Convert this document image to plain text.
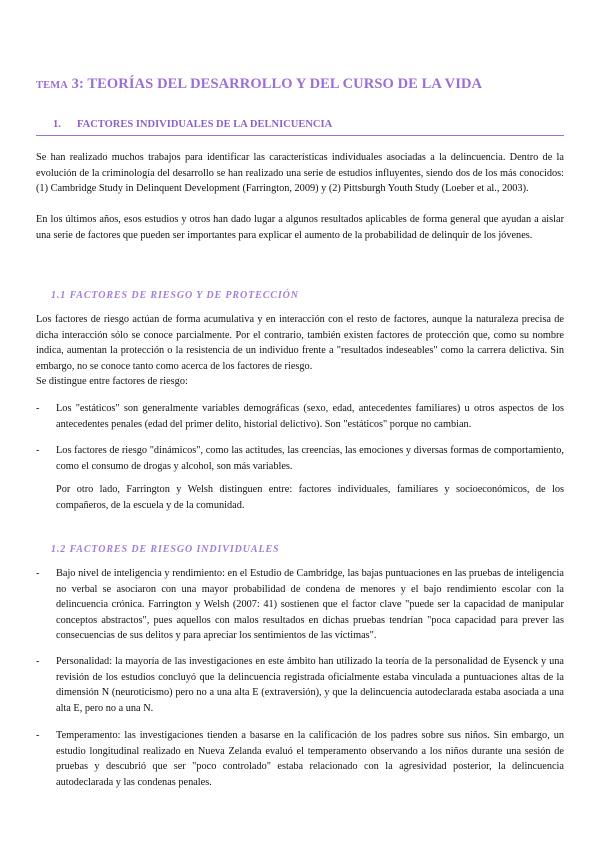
TEMA 3: TEORÍAS DEL DESARROLLO Y DEL CURSO DE LA VIDA
1. FACTORES INDIVIDUALES DE LA DELNICUENCIA

Se han realizado muchos trabajos para identificar las características individuales asociadas a la delincuencia. Dentro de la evolución de la criminología del desarrollo se han realizado una serie de estudios influyentes, siendo dos de los más conocidos: (1) Cambridge Study in Delinquent Development (Farrington, 2009) y (2) Pittsburgh Youth Study (Loeber et al., 2003).

En los últimos años, esos estudios y otros han dado lugar a algunos resultados aplicables de forma general que ayudan a aislar una serie de factores que pueden ser importantes para explicar el aumento de la probabilidad de delinquir de los jóvenes.

1.1 FACTORES DE RIESGO Y DE PROTECCIÓN

Los factores de riesgo actúan de forma acumulativa y en interacción con el resto de factores, aunque la naturaleza precisa de dicha interacción sólo se conoce parcialmente. Por el contrario, también existen factores de protección que, como su nombre indica, aumentan la protección o la resistencia de un individuo frente a "resultados indeseables" como la carrera delictiva. Sin embargo, no se conoce tanto como acerca de los factores de riesgo.

Se distingue entre factores de riesgo:

- Los "estáticos" son generalmente variables demográficas (sexo, edad, antecedentes familiares) u otros aspectos de los antecedentes penales (edad del primer delito, historial delictivo). Son "estáticos" porque no cambian.

- Los factores de riesgo "dinámicos", como las actitudes, las creencias, las emociones y diversas formas de comportamiento, como el consumo de drogas y alcohol, son más variables.

Por otro lado, Farrington y Welsh distinguen entre: factores individuales, familiares y socioeconómicos, de los compañeros, de la escuela y de la comunidad.

1.2 FACTORES DE RIESGO INDIVIDUALES
- Bajo nivel de inteligencia y rendimiento: en el Estudio de Cambridge, las bajas puntuaciones en las pruebas de inteligencia no verbal se asociaron con una mayor probabilidad de condena de menores y el bajo rendimiento escolar con la delincuencia crónica. Farrington y Welsh (2007: 41) sostienen que el factor clave "puede ser la capacidad de manipular conceptos abstractos", pues aquellos con malos resultados en dichas pruebas tendrían "poca capacidad para prever las consecuencias de sus delitos y para apreciar los sentimientos de las víctimas".

- Personalidad: la mayoría de las investigaciones en este ámbito han utilizado la teoría de la personalidad de Eysenck y una revisión de los estudios concluyó que la delincuencia registrada oficialmente estaba vinculada a puntuaciones altas de la dimensión N (neuroticismo) pero no a una alta E (extraversión), y que la delincuencia autodeclarada estaba asociada a una alta E, pero no a una N.

- Temperamento: las investigaciones tienden a basarse en la calificación de los padres sobre sus niños. Sin embargo, un estudio longitudinal realizado en Nueva Zelanda evaluó el temperamento observando a los niños durante una sesión de pruebas y descubrió que ser "poco controlado" estaba relacionado con la agresividad posterior, la delincuencia autodeclarada y las condenas penales.
